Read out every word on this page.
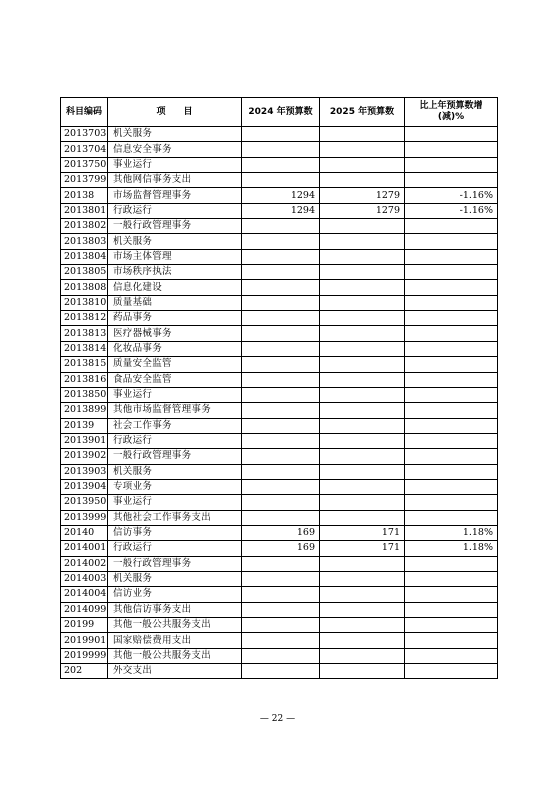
科目编码	项　　目	2024 年预算数	2025 年预算数	比上年预算数增(减)%
2013703	机关服务			
2013704	信息安全事务			
2013750	事业运行			
2013799	其他网信事务支出			
20138	市场监督管理事务	1294	1279	-1.16%
2013801	行政运行	1294	1279	-1.16%
2013802	一般行政管理事务			
2013803	机关服务			
2013804	市场主体管理			
2013805	市场秩序执法			
2013808	信息化建设			
2013810	质量基础			
2013812	药品事务			
2013813	医疗器械事务			
2013814	化妆品事务			
2013815	质量安全监管			
2013816	食品安全监管			
2013850	事业运行			
2013899	其他市场监督管理事务			
20139	社会工作事务			
2013901	行政运行			
2013902	一般行政管理事务			
2013903	机关服务			
2013904	专项业务			
2013950	事业运行			
2013999	其他社会工作事务支出			
20140	信访事务	169	171	1.18%
2014001	行政运行	169	171	1.18%
2014002	一般行政管理事务			
2014003	机关服务			
2014004	信访业务			
2014099	其他信访事务支出			
20199	其他一般公共服务支出			
2019901	国家赔偿费用支出			
2019999	其他一般公共服务支出			
202	外交支出			
— 22 —
